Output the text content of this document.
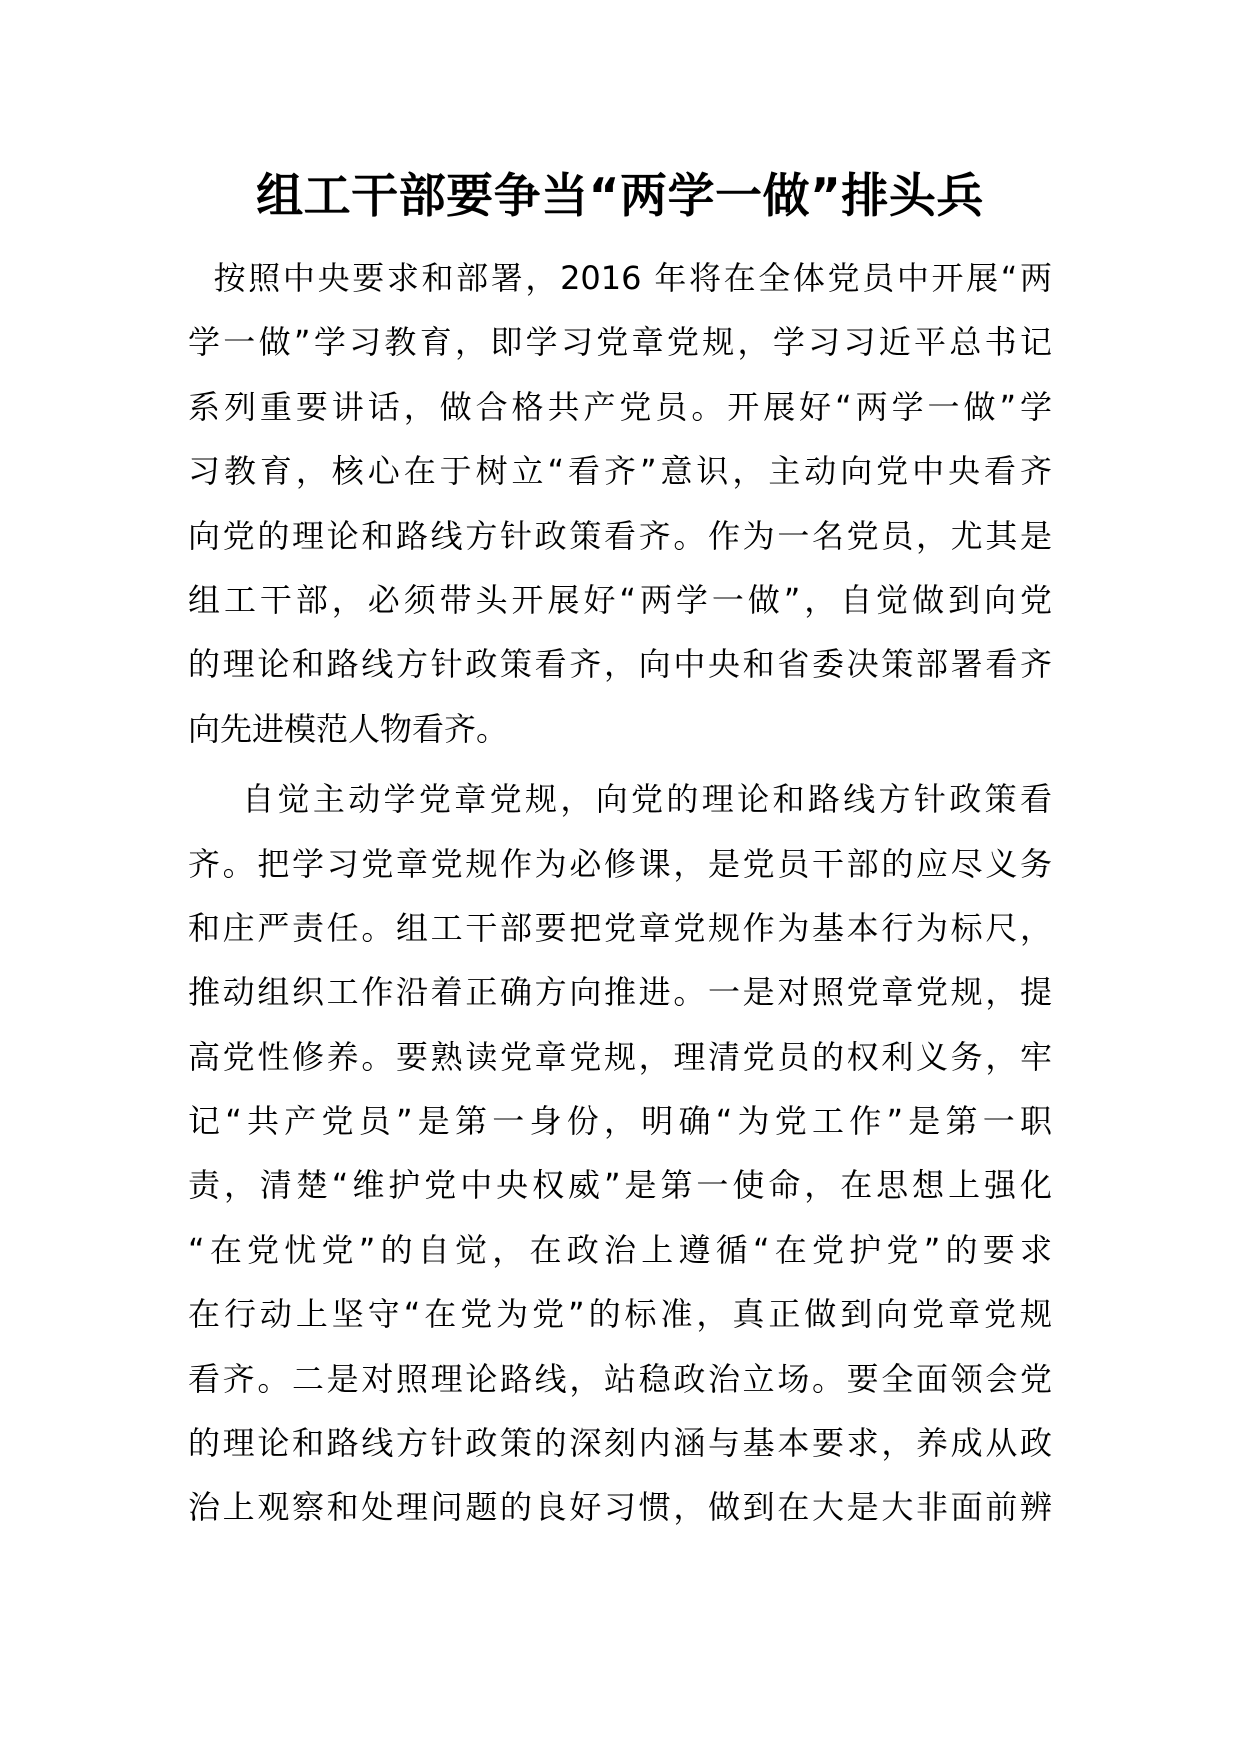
组工干部要争当“两学一做”排头兵
按照中央要求和部署，2016 年将在全体党员中开展“两
学一做”学习教育，即学习党章党规，学习习近平总书记
系列重要讲话，做合格共产党员。开展好“两学一做”学
习教育，核心在于树立“看齐”意识，主动向党中央看齐
向党的理论和路线方针政策看齐。作为一名党员，尤其是
组工干部，必须带头开展好“两学一做”，自觉做到向党
的理论和路线方针政策看齐，向中央和省委决策部署看齐
向先进模范人物看齐。
自觉主动学党章党规，向党的理论和路线方针政策看
齐。把学习党章党规作为必修课，是党员干部的应尽义务
和庄严责任。组工干部要把党章党规作为基本行为标尺，
推动组织工作沿着正确方向推进。一是对照党章党规，提
高党性修养。要熟读党章党规，理清党员的权利义务，牢
记“共产党员”是第一身份，明确“为党工作”是第一职
责，清楚“维护党中央权威”是第一使命，在思想上强化
“在党忧党”的自觉，在政治上遵循“在党护党”的要求
在行动上坚守“在党为党”的标准，真正做到向党章党规
看齐。二是对照理论路线，站稳政治立场。要全面领会党
的理论和路线方针政策的深刻内涵与基本要求，养成从政
治上观察和处理问题的良好习惯，做到在大是大非面前辨
